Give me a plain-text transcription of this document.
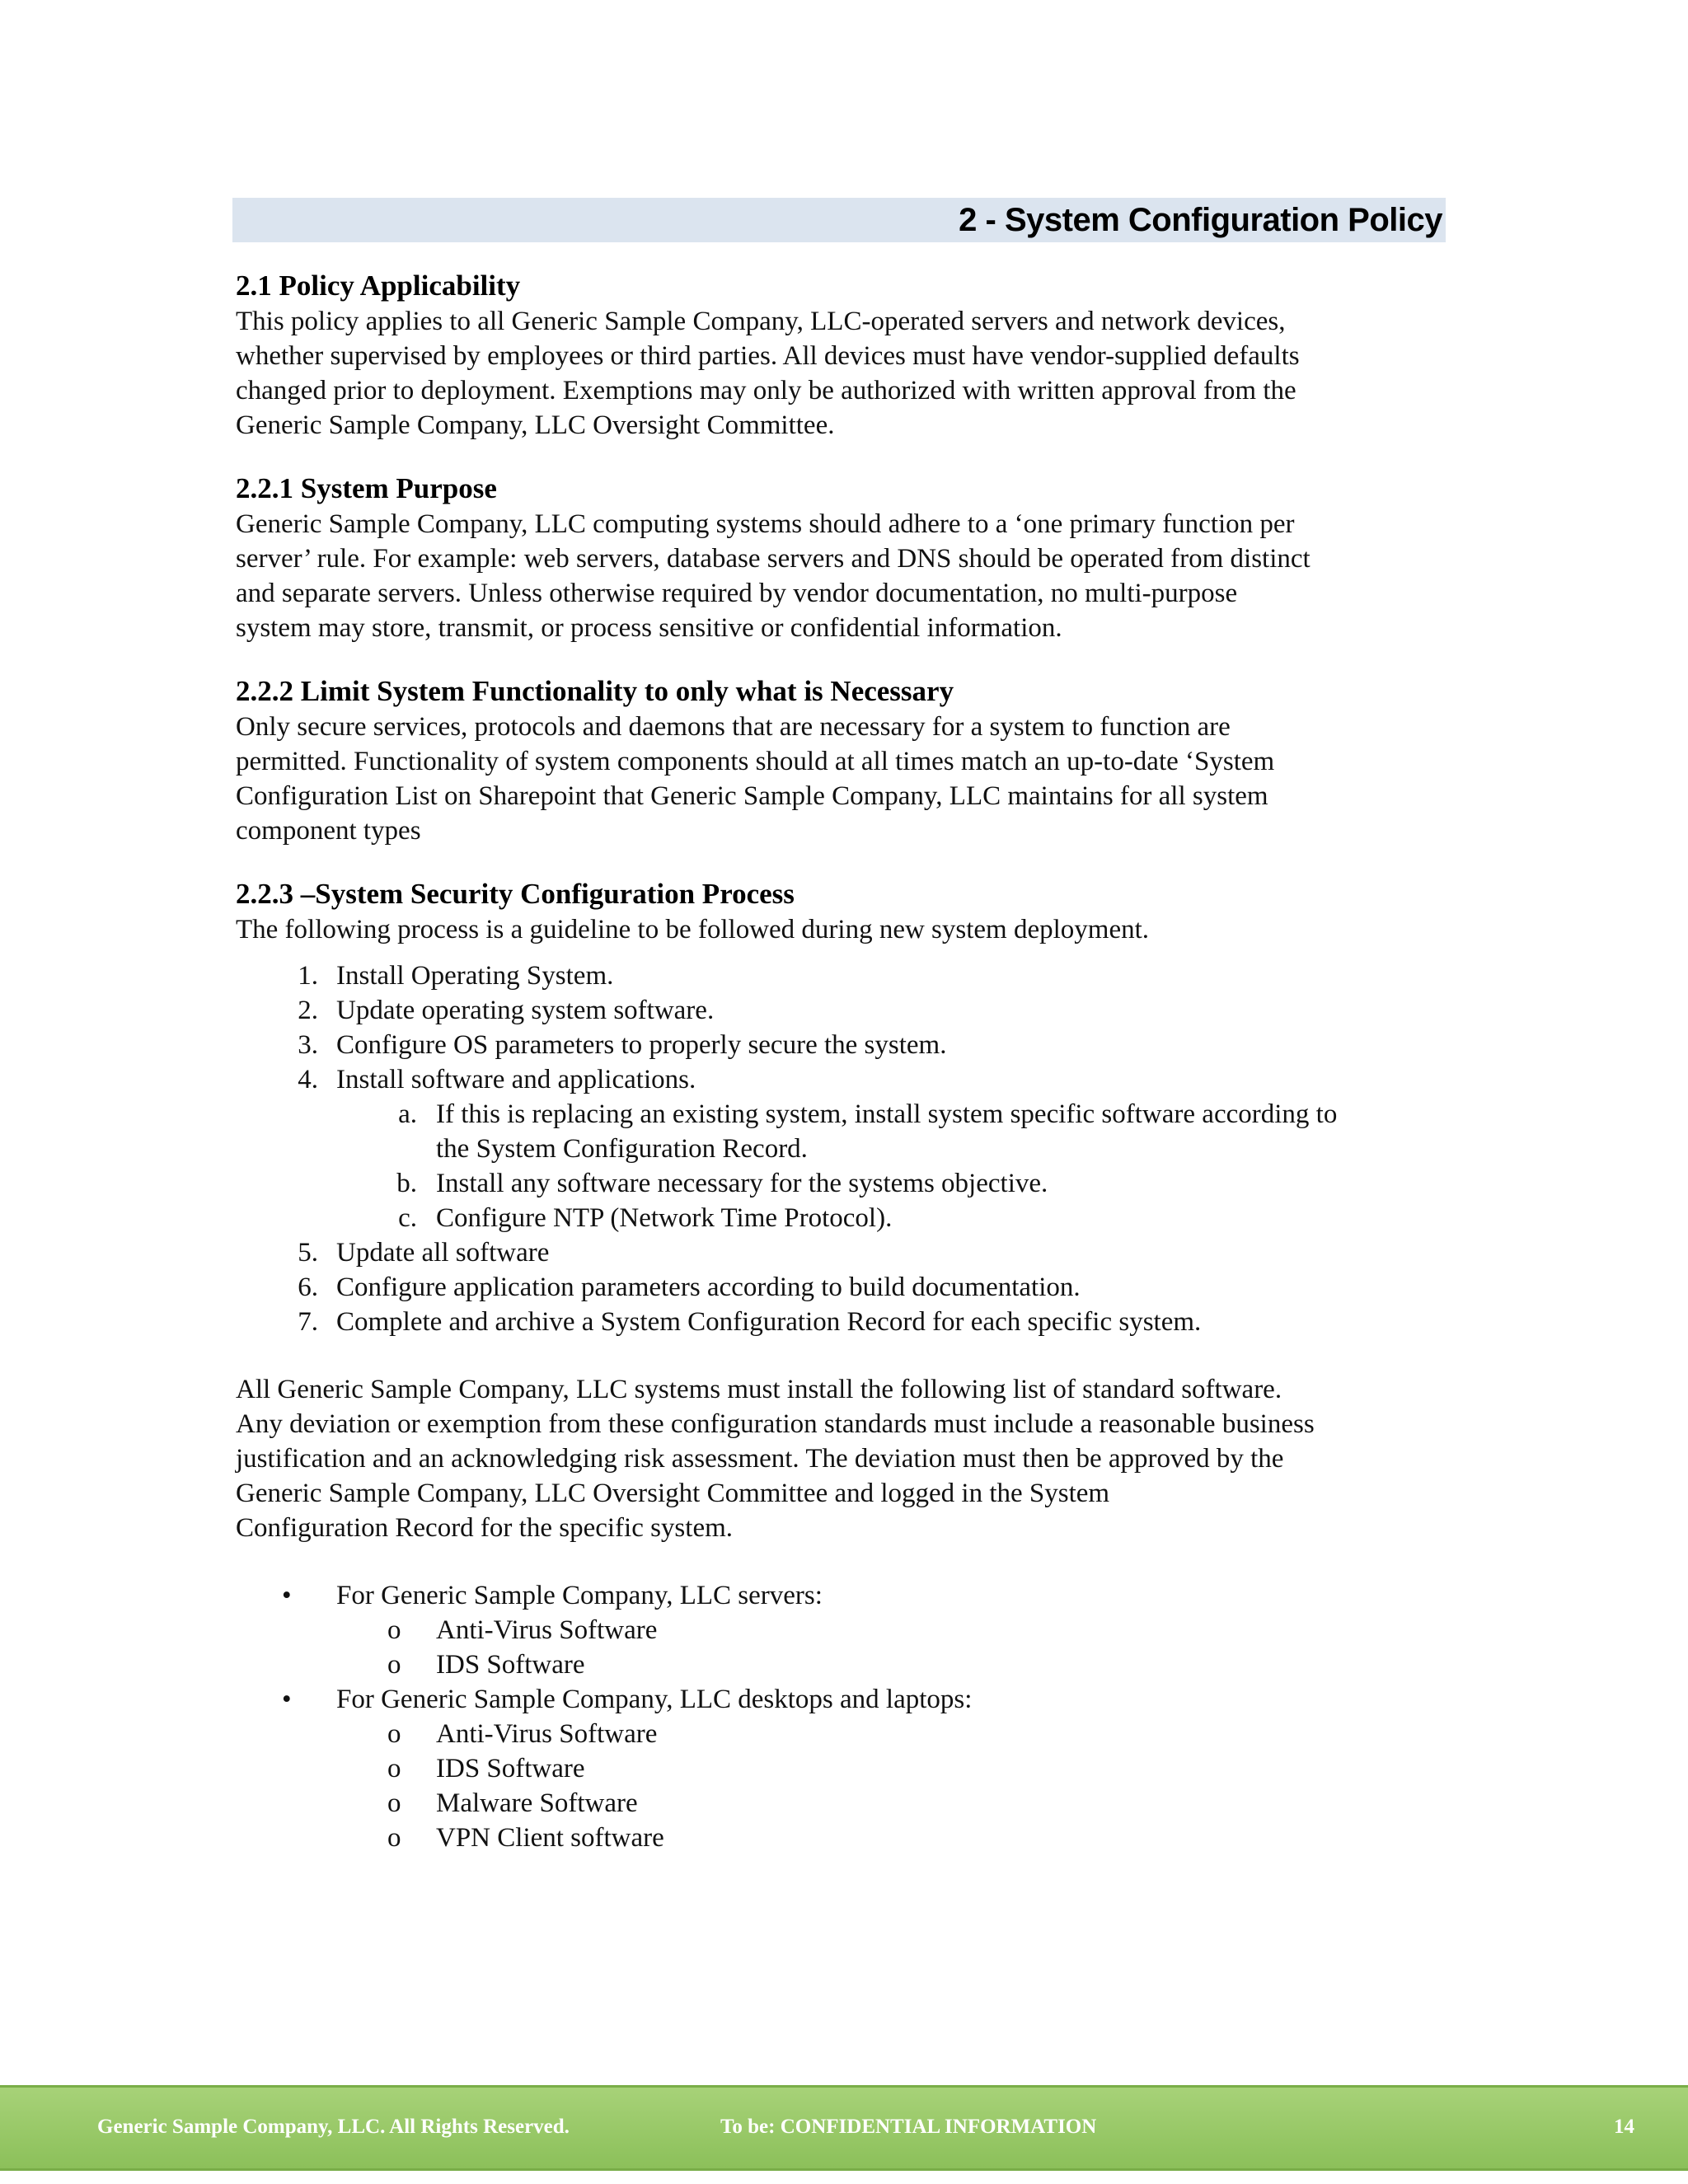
2 - System Configuration Policy
2.1 Policy Applicability

This policy applies to all Generic Sample Company, LLC-operated servers and network devices,

whether supervised by employees or third parties. All devices must have vendor-supplied defaults

changed prior to deployment. Exemptions may only be authorized with written approval from the

Generic Sample Company, LLC Oversight Committee.

2.2.1 System Purpose

Generic Sample Company, LLC computing systems should adhere to a ‘one primary function per

server’ rule. For example: web servers, database servers and DNS should be operated from distinct

and separate servers. Unless otherwise required by vendor documentation, no multi-purpose

system may store, transmit, or process sensitive or confidential information.

2.2.2 Limit System Functionality to only what is Necessary

Only secure services, protocols and daemons that are necessary for a system to function are

permitted. Functionality of system components should at all times match an up-to-date ‘System

Configuration List on Sharepoint that Generic Sample Company, LLC maintains for all system

component types

2.2.3 –System Security Configuration Process

The following process is a guideline to be followed during new system deployment.

1. Install Operating System.
2. Update operating system software.
3. Configure OS parameters to properly secure the system.
4. Install software and applications.
a. If this is replacing an existing system, install system specific software according to
the System Configuration Record.
b. Install any software necessary for the systems objective.
c. Configure NTP (Network Time Protocol).
5. Update all software
6. Configure application parameters according to build documentation.
7. Complete and archive a System Configuration Record for each specific system.
All Generic Sample Company, LLC systems must install the following list of standard software.
Any deviation or exemption from these configuration standards must include a reasonable business
justification and an acknowledging risk assessment. The deviation must then be approved by the
Generic Sample Company, LLC Oversight Committee and logged in the System
Configuration Record for the specific system.
• For Generic Sample Company, LLC servers:
o Anti-Virus Software
o IDS Software
• For Generic Sample Company, LLC desktops and laptops:
o Anti-Virus Software
o IDS Software
o Malware Software
o VPN Client software
Generic Sample Company, LLC. All Rights Reserved.	To be: CONFIDENTIAL INFORMATION	14
